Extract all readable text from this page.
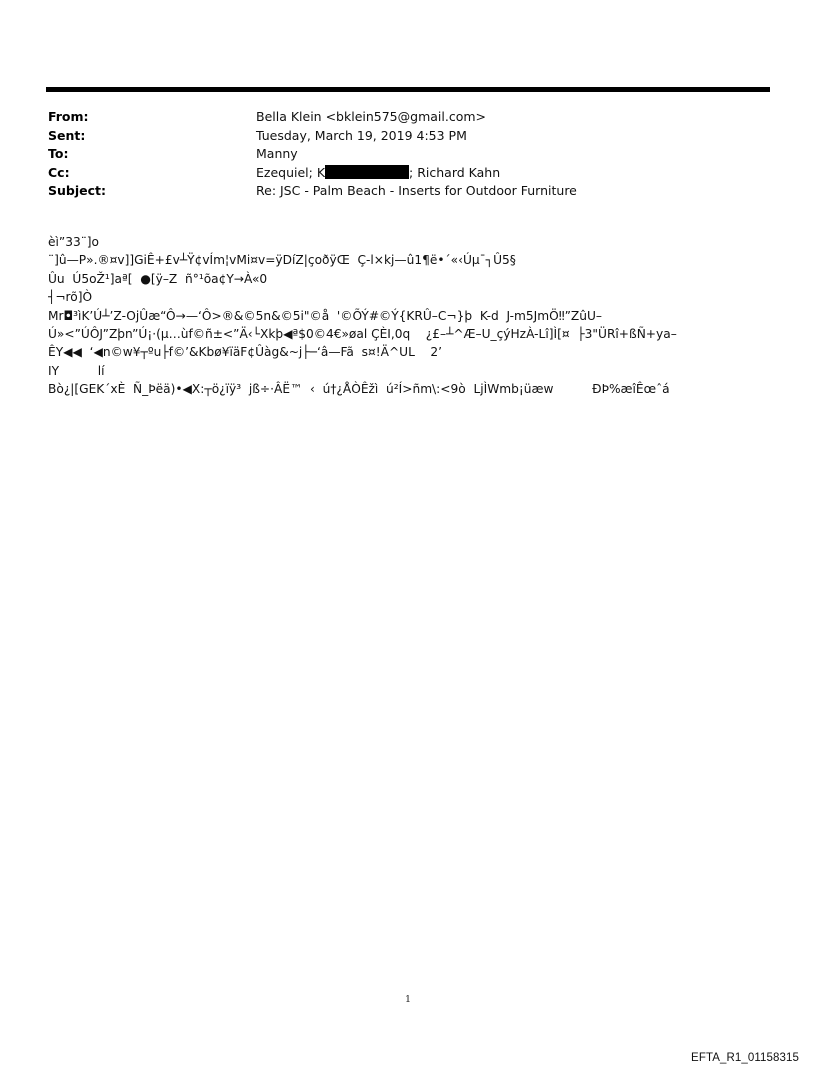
From:	Bella Klein <bklein575@gmail.com>
Sent:	Tuesday, March 19, 2019 4:53 PM
To:	Manny
Cc:	Ezequiel; K	; Richard Kahn
Subject:	Re: JSC - Palm Beach - Inserts for Outdoor Furniture
èì”33¨]o
¨]û—P».®¤v]]GiÊ+£v┴Ÿ¢vÍm¦vMi¤v=ÿDíZ|çoðÿŒ  Ç-l×kj—û1¶ë•´«‹Úµ¯┐Û5§
Ûu  Ú5oŽ¹]aª[  ●[ÿ–Z  ñ°¹õa¢Y→À«0
┤¬rõ]Ò
Mr◘³ìK’Ú┴’Z-OjÛæ“Ô→—‘Ô>®&©5n&©5i"©å  '©ÕÝ#©Ý{KRÛ–C¬}þ  K-d  J-m5JmÖ‼”ZûU–
Ú»<”ÚÔJ”Zþn”Ú¡·(µ…ùf©ñ±<”Ä‹└Xkþ◀ª$0©4€»øal ÇÈI,0q    ¿£–┴^Æ–U_çýHzÀ-Lî]Ì[¤  ├3"ÜRî+ßÑ+ya–
ÊY◀◀  ‘◀n©w¥┬ºu├f©’&Kbø¥ïäF¢Ûàg&~j├─‘â—Fã  s¤!Ä^UL    2’
IY          lí
Bò¿|[GEK´xÈ  Ñ_Þëä)•◀X:┬ö¿ïÿ³  jß÷·ÂË™  ‹  ú†¿ÅÒÊžì  ú²Í>ñm\:<9ò  LjÌWmb¡üæw          ÐÞ%æîÊœˆá
1
EFTA_R1_01158315
